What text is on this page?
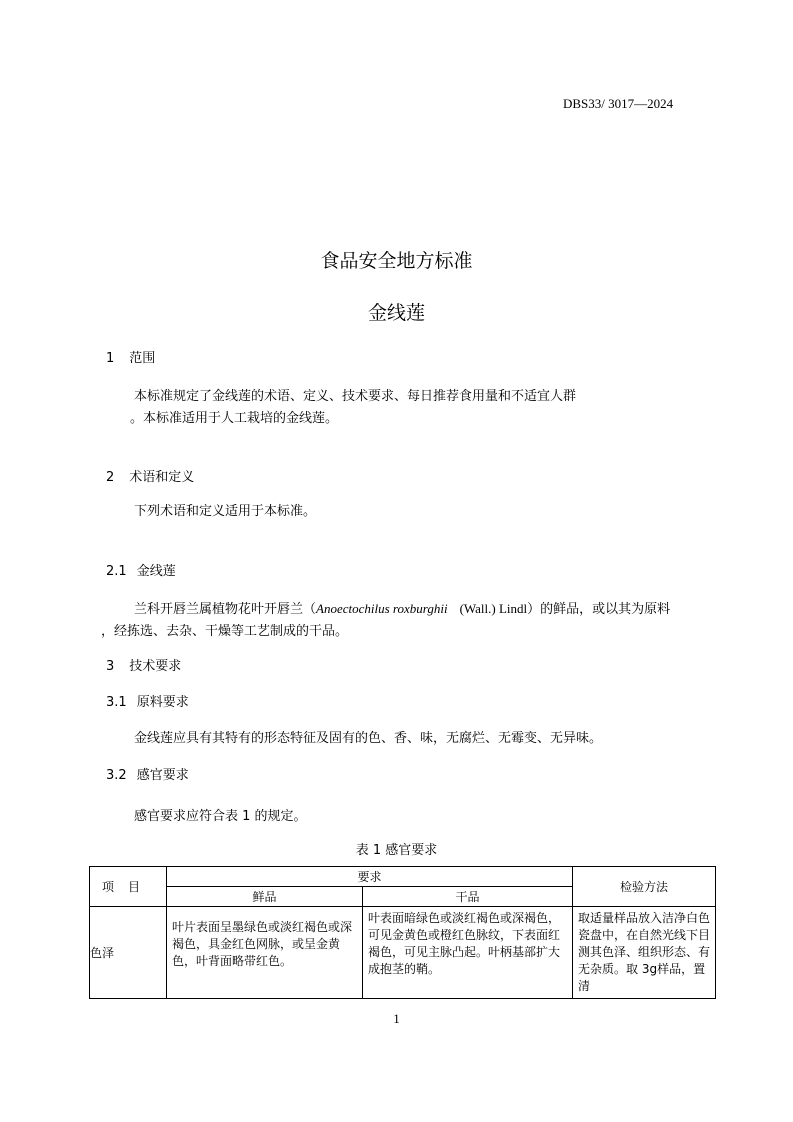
DBS33/ 3017—2024
食品安全地方标准
金线莲
1 范围
本标准规定了金线莲的术语、定义、技术要求、每日推荐食用量和不适宜人群
。本标准适用于人工栽培的金线莲。
2 术语和定义
下列术语和定义适用于本标准。
2.1 金线莲
兰科开唇兰属植物花叶开唇兰（Anoectochilus roxburghii (Wall.) Lindl）的鲜品，或以其为原料
，经拣选、去杂、干燥等工艺制成的干品。
3 技术要求
3.1 原料要求
金线莲应具有其特有的形态特征及固有的色、香、味，无腐烂、无霉变、无异味。
3.2 感官要求
感官要求应符合表 1 的规定。
表 1 感官要求
项目	要求		检验方法
	鲜品	干品	
色泽	叶片表面呈墨绿色或淡红褐色或深褐色，具金红色网脉，或呈金黄色，叶背面略带红色。	叶表面暗绿色或淡红褐色或深褐色，可见金黄色或橙红色脉纹，下表面红褐色，可见主脉凸起。叶柄基部扩大成抱茎的鞘。	取适量样品放入洁净白色瓷盘中，在自然光线下目测其色泽、组织形态、有无杂质。取 3g样品，置清
1
